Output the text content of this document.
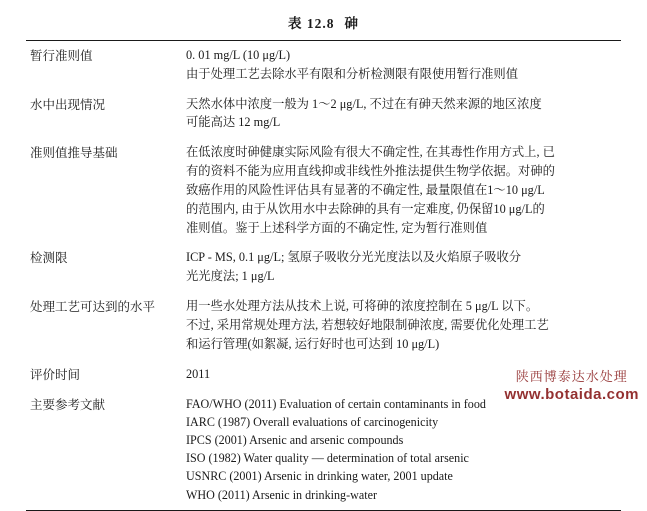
表 12.8 砷
暂行准则值	0. 01 mg/L (10 μg/L)

由于处理工艺去除水平有限和分析检测限有限使用暂行准则值

水中出现情况	天然水体中浓度一般为 1～2 μg/L, 不过在有砷天然来源的地区浓度

可能高达 12 mg/L

准则值推导基础	在低浓度时砷健康实际风险有很大不确定性, 在其毒性作用方式上, 已

有的资料不能为应用直线抑或非线性外推法提供生物学依据。对砷的

致癌作用的风险性评估具有显著的不确定性, 最量限值在1～10 μg/L

的范围内, 由于从饮用水中去除砷的具有一定难度, 仍保留10 μg/L的

准则值。鉴于上述科学方面的不确定性, 定为暂行准则值

检测限	ICP - MS, 0.1 μg/L; 氢原子吸收分光光度法以及火焰原子吸收分

光光度法; 1 μg/L

处理工艺可达到的水平	用一些水处理方法从技术上说, 可将砷的浓度控制在 5 μg/L 以下。

不过, 采用常规处理方法, 若想较好地限制砷浓度, 需要优化处理工艺

和运行管理(如絮凝, 运行好时也可达到 10 μg/L)

评价时间	2011

主要参考文献	FAO/WHO (2011) Evaluation of certain contaminants in food

IARC (1987) Overall evaluations of carcinogenicity

IPCS (2001) Arsenic and arsenic compounds

ISO (1982) Water quality — determination of total arsenic

USNRC (2001) Arsenic in drinking water, 2001 update

WHO (2011) Arsenic in drinking-water

陕西博泰达水处理
www.botaida.com
